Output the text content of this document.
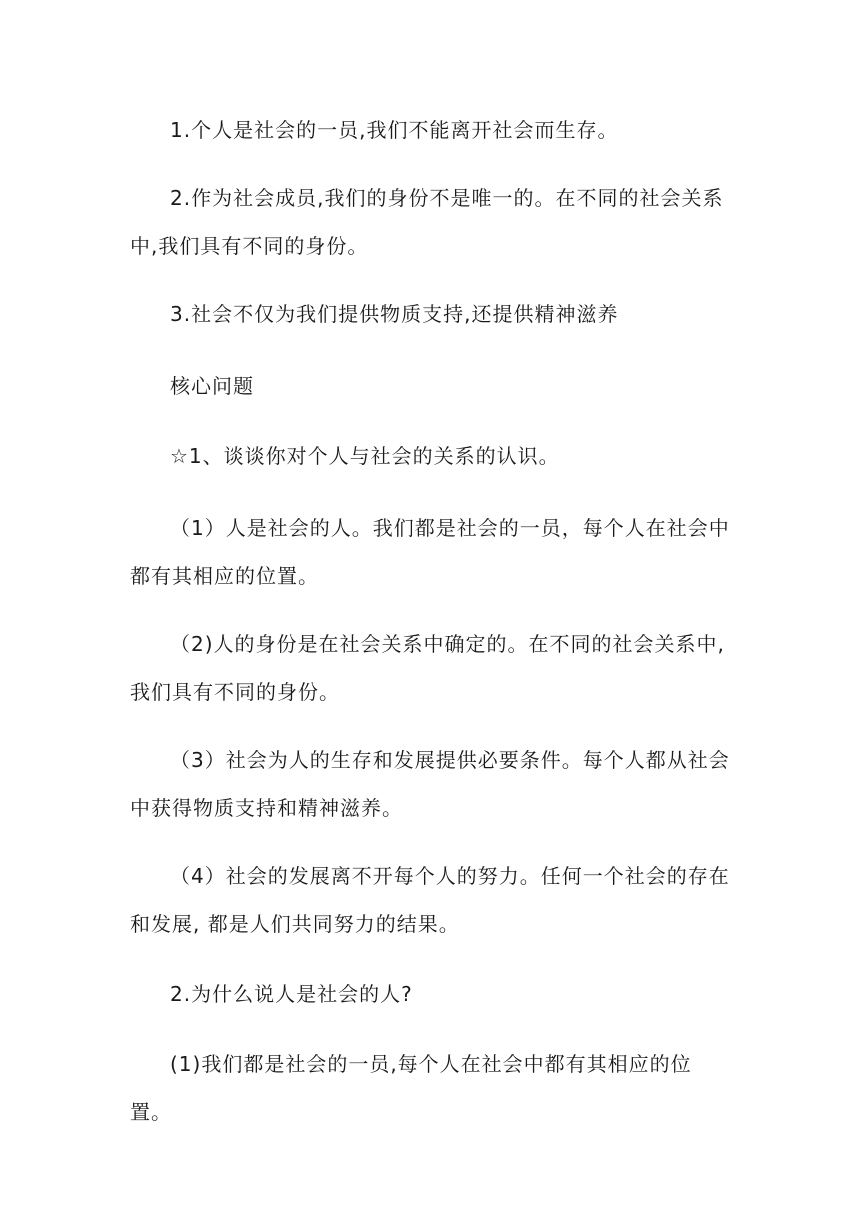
1.个人是社会的一员,我们不能离开社会而生存。

2.作为社会成员,我们的身份不是唯一的。在不同的社会关系中,我们具有不同的身份。

3.社会不仅为我们提供物质支持,还提供精神滋养

核心问题

☆1、谈谈你对个人与社会的关系的认识。

（1）人是社会的人。我们都是社会的一员，每个人在社会中都有其相应的位置。

（2)人的身份是在社会关系中确定的。在不同的社会关系中,我们具有不同的身份。

（3）社会为人的生存和发展提供必要条件。每个人都从社会中获得物质支持和精神滋养。

（4）社会的发展离不开每个人的努力。任何一个社会的存在和发展, 都是人们共同努力的结果。

2.为什么说人是社会的人?

(1)我们都是社会的一员,每个人在社会中都有其相应的位置。
